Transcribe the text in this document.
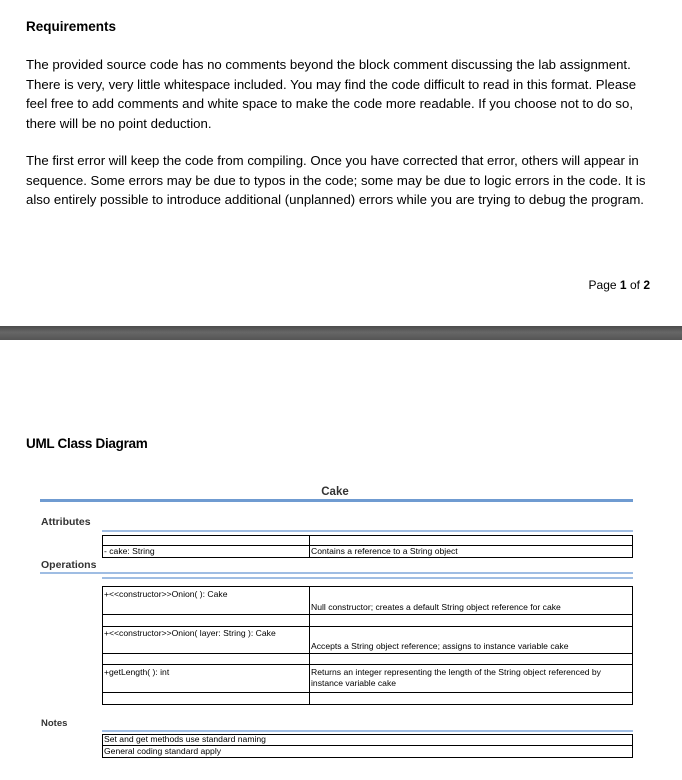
Requirements

The provided source code has no comments beyond the block comment discussing the lab assignment. There is very, very little whitespace included. You may find the code difficult to read in this format. Please feel free to add comments and white space to make the code more readable. If you choose not to do so, there will be no point deduction.

The first error will keep the code from compiling. Once you have corrected that error, others will appear in sequence. Some errors may be due to typos in the code; some may be due to logic errors in the code. It is also entirely possible to introduce additional (unplanned) errors while you are trying to debug the program.

Page 1 of 2
UML Class Diagram
Cake
Attributes
- cake: String	Contains a reference to a String object
Operations
+<<constructor>>Onion( ): Cake
Null constructor; creates a default String object reference for cake
+<<constructor>>Onion( layer: String ): Cake
Accepts a String object reference; assigns to instance variable cake
+getLength( ): int	Returns an integer representing the length of the String object referenced by instance variable cake
Notes
Set and get methods use standard naming
General coding standard apply
